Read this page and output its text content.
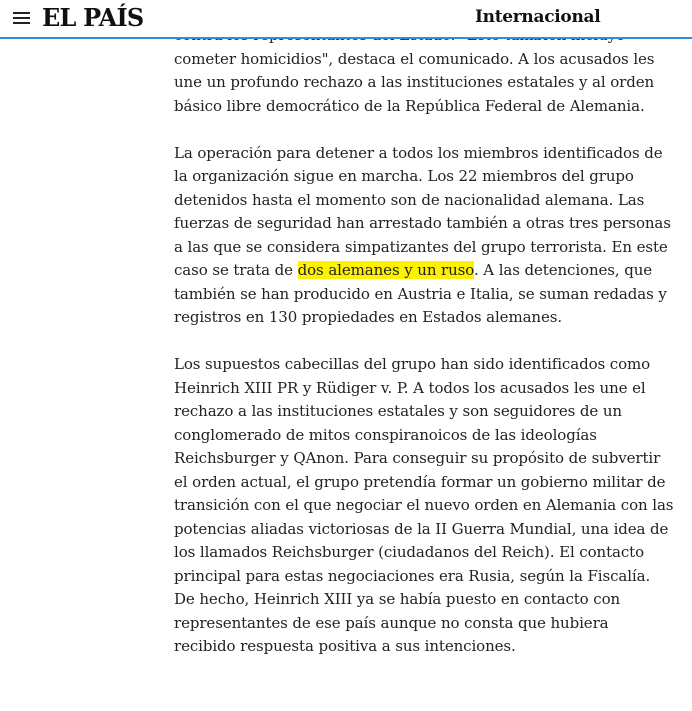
EL PAÍS	Internacional

cometer homicidios", destaca el comunicado. A los acusados les une un profundo rechazo a las instituciones estatales y al orden básico libre democrático de la República Federal de Alemania.

La operación para detener a todos los miembros identificados de la organización sigue en marcha. Los 22 miembros del grupo detenidos hasta el momento son de nacionalidad alemana. Las fuerzas de seguridad han arrestado también a otras tres personas a las que se considera simpatizantes del grupo terrorista. En este caso se trata de dos alemanes y un ruso. A las detenciones, que también se han producido en Austria e Italia, se suman redadas y registros en 130 propiedades en Estados alemanes.

Los supuestos cabecillas del grupo han sido identificados como Heinrich XIII PR y Rüdiger v. P. A todos los acusados les une el rechazo a las instituciones estatales y son seguidores de un conglomerado de mitos conspiranoicos de las ideologías Reichsburger y QAnon. Para conseguir su propósito de subvertir el orden actual, el grupo pretendía formar un gobierno militar de transición con el que negociar el nuevo orden en Alemania con las potencias aliadas victoriosas de la II Guerra Mundial, una idea de los llamados Reichsburger (ciudadanos del Reich). El contacto principal para estas negociaciones era Rusia, según la Fiscalía. De hecho, Heinrich XIII ya se había puesto en contacto con representantes de ese país aunque no consta que hubiera recibido respuesta positiva a sus intenciones.
